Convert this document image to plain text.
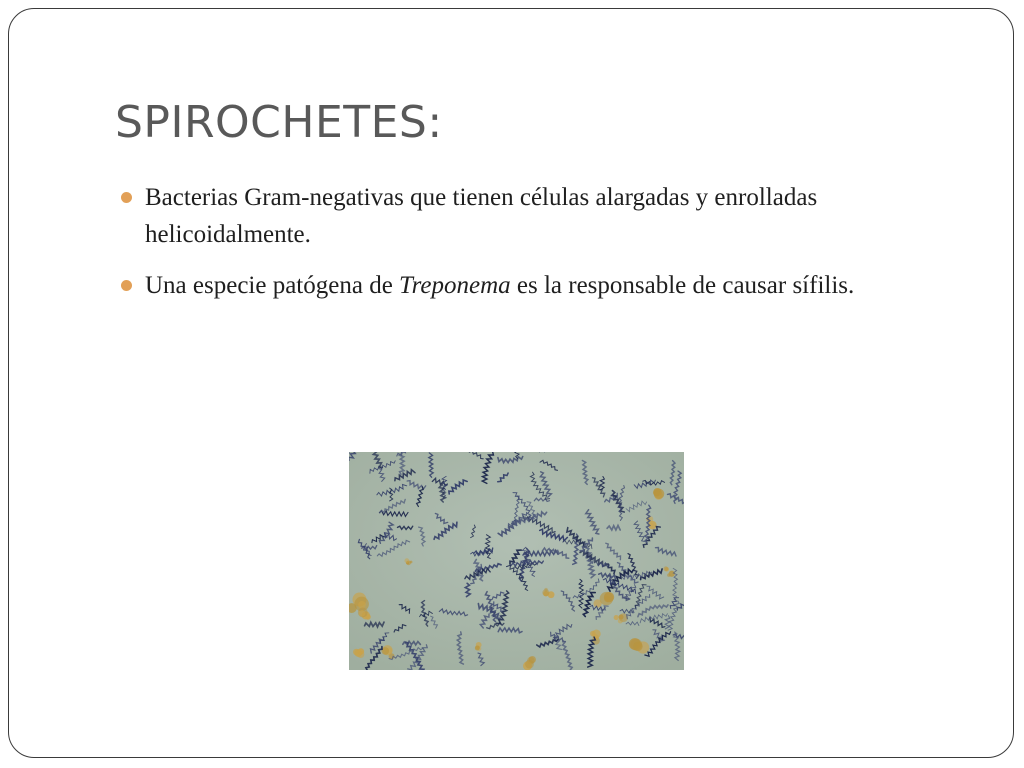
SPIROCHETES:
Bacterias Gram-negativas que tienen células alargadas y enrolladas helicoidalmente.
Una especie patógena de Treponema es la responsable de causar sífilis.
